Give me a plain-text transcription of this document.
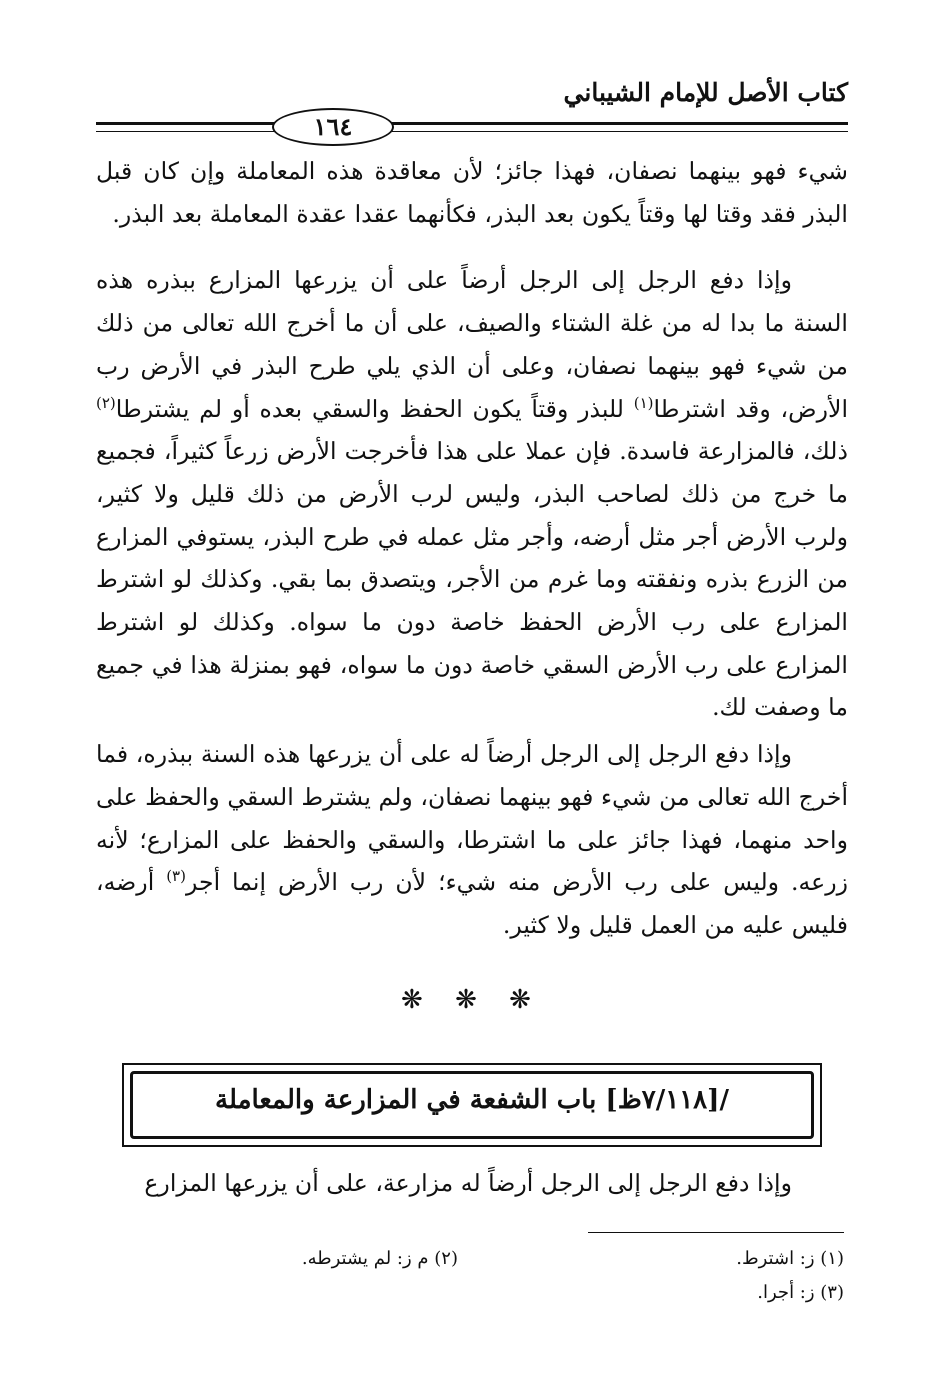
كتاب الأصل للإمام الشيباني
١٦٤

شيء فهو بينهما نصفان، فهذا جائز؛ لأن معاقدة هذه المعاملة وإن كان قبل البذر فقد وقتا لها وقتاً يكون بعد البذر، فكأنهما عقدا عقدة المعاملة بعد البذر.

وإذا دفع الرجل إلى الرجل أرضاً على أن يزرعها المزارع ببذره هذه السنة ما بدا له من غلة الشتاء والصيف، على أن ما أخرج الله تعالى من ذلك من شيء فهو بينهما نصفان، وعلى أن الذي يلي طرح البذر في الأرض رب الأرض، وقد اشترطا$^{(١)}$ للبذر وقتاً يكون الحفظ والسقي بعده أو لم يشترطا$^{(٢)}$ ذلك، فالمزارعة فاسدة. فإن عملا على هذا فأخرجت الأرض زرعاً كثيراً، فجميع ما خرج من ذلك لصاحب البذر، وليس لرب الأرض من ذلك قليل ولا كثير، ولرب الأرض أجر مثل أرضه، وأجر مثل عمله في طرح البذر، يستوفي المزارع من الزرع بذره ونفقته وما غرم من الأجر، ويتصدق بما بقي. وكذلك لو اشترط المزارع على رب الأرض الحفظ خاصة دون ما سواه. وكذلك لو اشترط المزارع على رب الأرض السقي خاصة دون ما سواه، فهو بمنزلة هذا في جميع ما وصفت لك.

وإذا دفع الرجل إلى الرجل أرضاً له على أن يزرعها هذه السنة ببذره، فما أخرج الله تعالى من شيء فهو بينهما نصفان، ولم يشترط السقي والحفظ على واحد منهما، فهذا جائز على ما اشترطا، والسقي والحفظ على المزارع؛ لأنه زرعه. وليس على رب الأرض منه شيء؛ لأن رب الأرض إنما أجر$^{(٣)}$ أرضه، فليس عليه من العمل قليل ولا كثير.

❋ ❋ ❋
/[٧/١١٨ظ] باب الشفعة في المزارعة والمعاملة
وإذا دفع الرجل إلى الرجل أرضاً له مزارعة، على أن يزرعها المزارع
(١) ز: اشترط.
(٢) م ز: لم يشترطه.
(٣) ز: أجرا.
